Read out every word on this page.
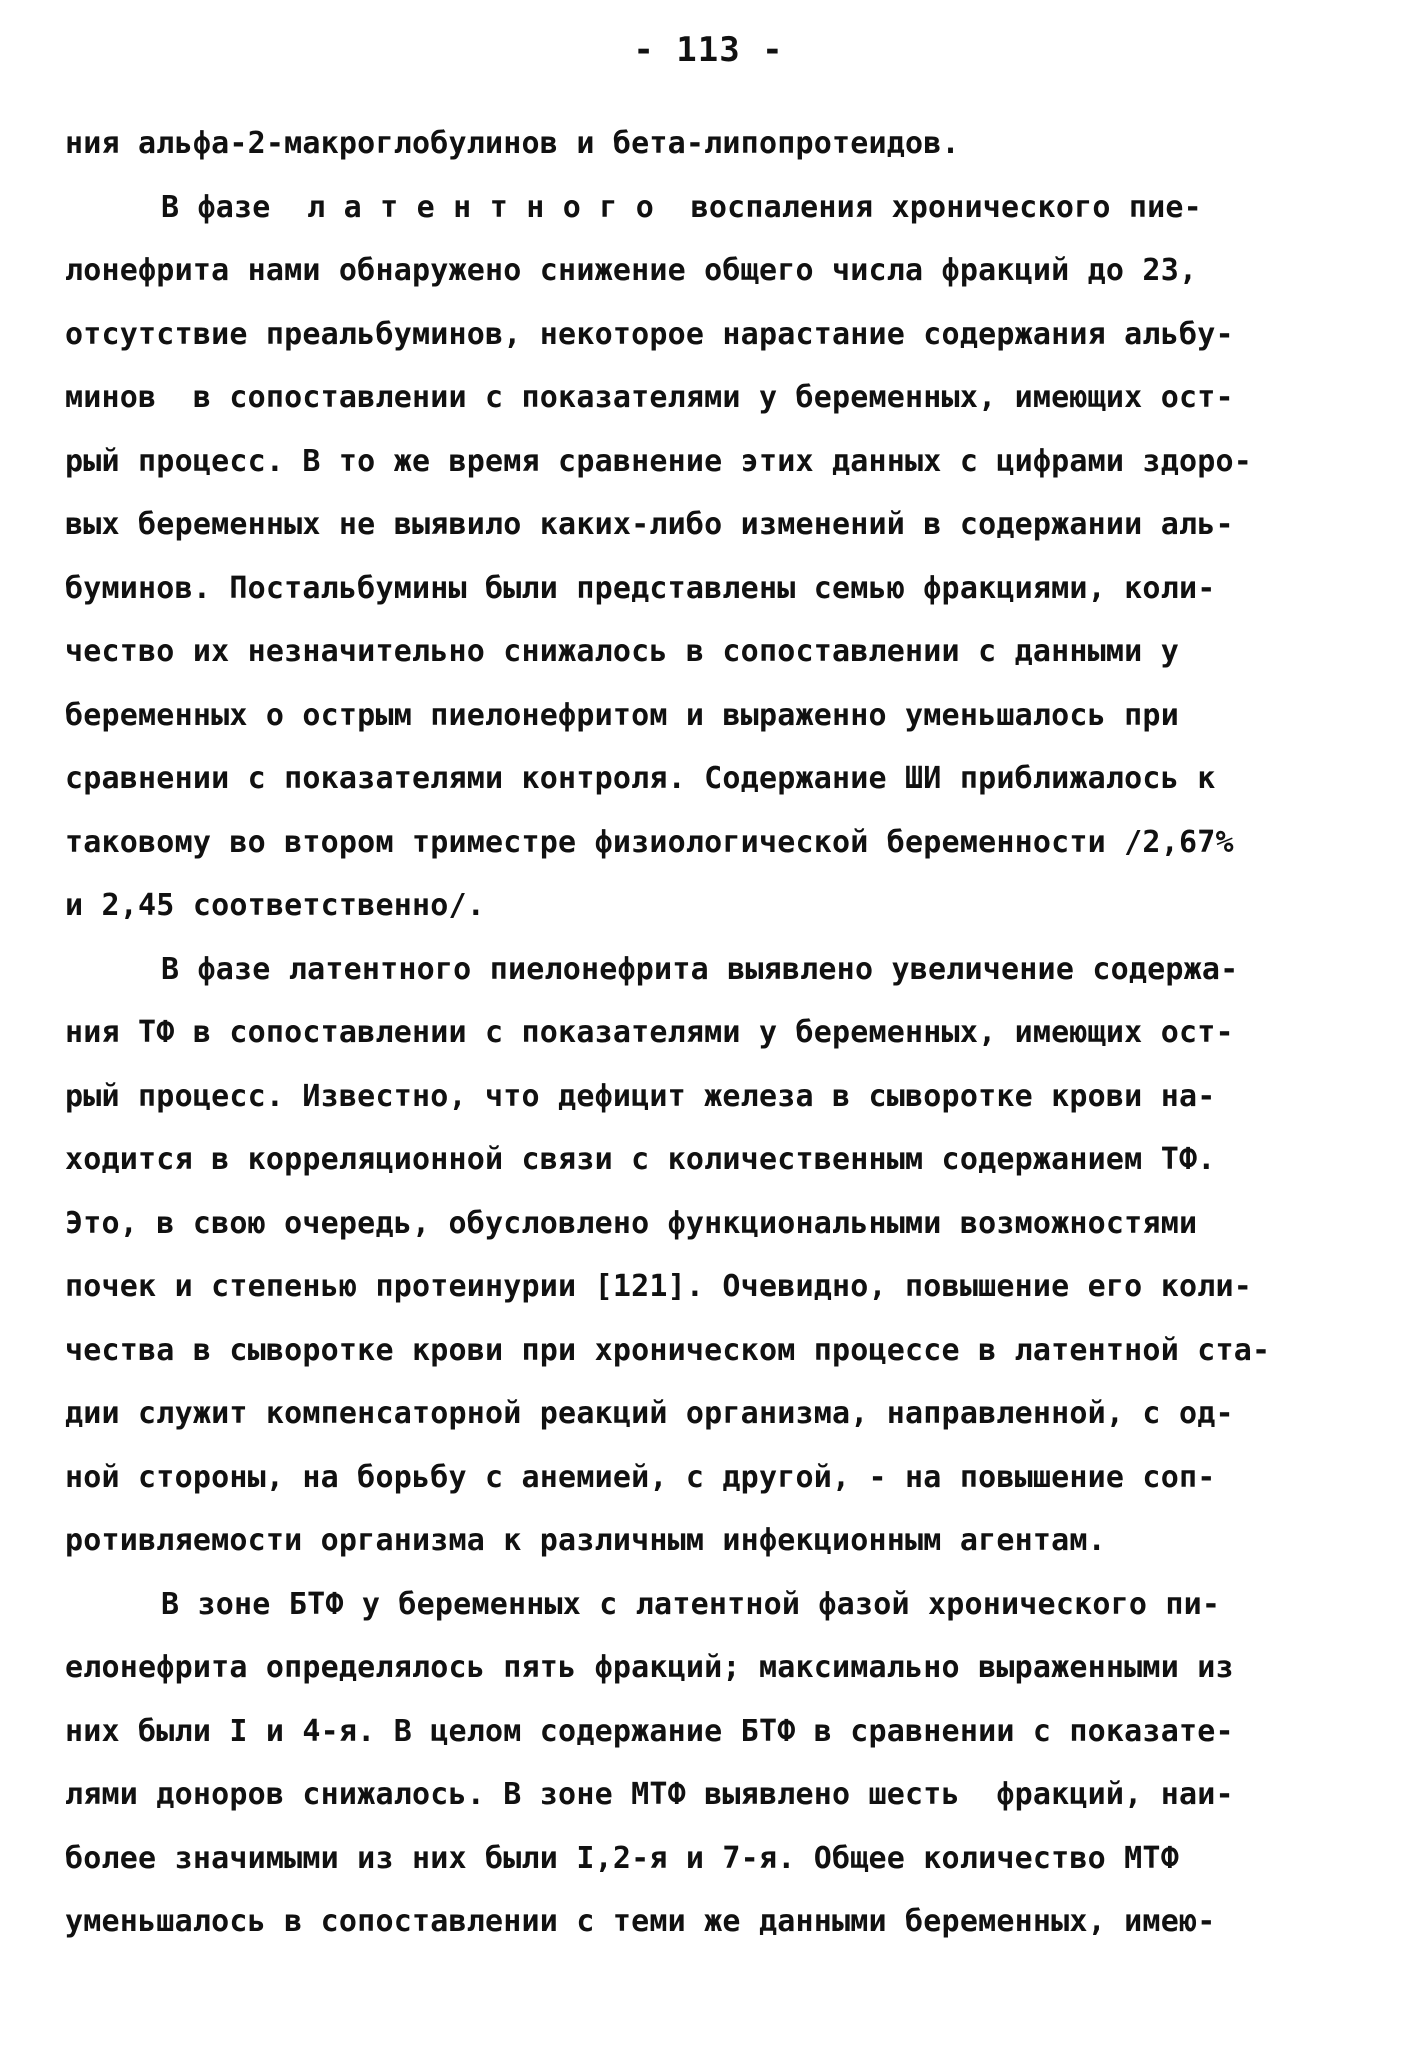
- 113 -
ния альфа-2-макроглобулинов и бета-липопротеидов.
В фазе  л а т е н т н о г о  воспаления хронического пие-
лонефрита нами обнаружено снижение общего числа фракций до 23,
отсутствие преальбуминов, некоторое нарастание содержания альбу-
минов  в сопоставлении с показателями у беременных, имеющих ост-
рый процесс. В то же время сравнение этих данных с цифрами здоро-
вых беременных не выявило каких-либо изменений в содержании аль-
буминов. Постальбумины были представлены семью фракциями, коли-
чество их незначительно снижалось в сопоставлении с данными у
беременных о острым пиелонефритом и выраженно уменьшалось при
сравнении с показателями контроля. Содержание ШИ приближалось к
таковому во втором триместре физиологической беременности /2,67%
и 2,45 соответственно/.
В фазе латентного пиелонефрита выявлено увеличение содержа-
ния ТФ в сопоставлении с показателями у беременных, имеющих ост-
рый процесс. Известно, что дефицит железа в сыворотке крови на-
ходится в корреляционной связи с количественным содержанием ТФ.
Это, в свою очередь, обусловлено функциональными возможностями
почек и степенью протеинурии [121]. Очевидно, повышение его коли-
чества в сыворотке крови при хроническом процессе в латентной ста-
дии служит компенсаторной реакций организма, направленной, с од-
ной стороны, на борьбу с анемией, с другой, - на повышение соп-
ротивляемости организма к различным инфекционным агентам.
В зоне БТФ у беременных с латентной фазой хронического пи-
елонефрита определялось пять фракций; максимально выраженными из
них были I и 4-я. В целом содержание БТФ в сравнении с показате-
лями доноров снижалось. В зоне МТФ выявлено шесть  фракций, наи-
более значимыми из них были I,2-я и 7-я. Общее количество МТФ
уменьшалось в сопоставлении с теми же данными беременных, имею-
